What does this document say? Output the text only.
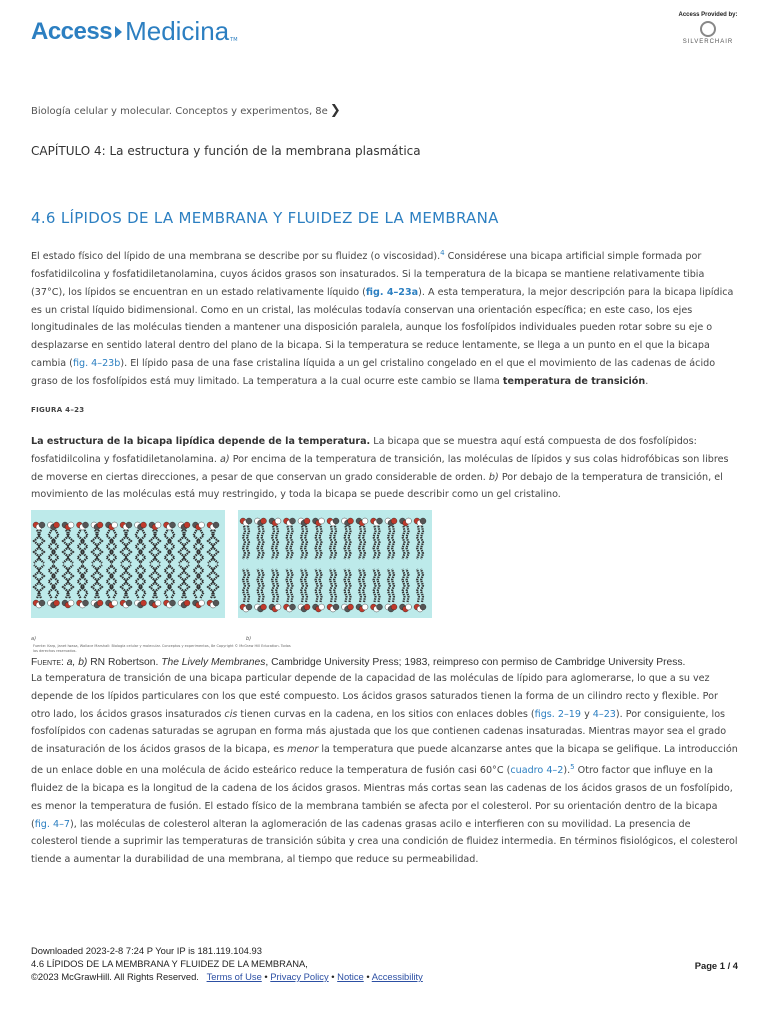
Access Medicina TM
Access Provided by:
SILVERCHAIR
Biología celular y molecular. Conceptos y experimentos, 8e ❯
CAPÍTULO 4: La estructura y función de la membrana plasmática
4.6 LÍPIDOS DE LA MEMBRANA Y FLUIDEZ DE LA MEMBRANA

El estado físico del lípido de una membrana se describe por su fluidez (o viscosidad).$^4$ Considérese una bicapa artificial simple formada por fosfatidilcolina y fosfatidiletanolamina, cuyos ácidos grasos son insaturados. Si la temperatura de la bicapa se mantiene relativamente tibia (37°C), los lípidos se encuentran en un estado relativamente líquido (fig. 4–23a). A esta temperatura, la mejor descripción para la bicapa lipídica es un cristal líquido bidimensional. Como en un cristal, las moléculas todavía conservan una orientación específica; en este caso, los ejes longitudinales de las moléculas tienden a mantener una disposición paralela, aunque los fosfolípidos individuales pueden rotar sobre su eje o desplazarse en sentido lateral dentro del plano de la bicapa. Si la temperatura se reduce lentamente, se llega a un punto en el que la bicapa cambia (fig. 4–23b). El lípido pasa de una fase cristalina líquida a un gel cristalino congelado en el que el movimiento de las cadenas de ácido graso de los fosfolípidos está muy limitado. La temperatura a la cual ocurre este cambio se llama temperatura de transición.

FIGURA 4–23

La estructura de la bicapa lipídica depende de la temperatura. La bicapa que se muestra aquí está compuesta de dos fosfolípidos: fosfatidilcolina y fosfatidiletanolamina. a) Por encima de la temperatura de transición, las moléculas de lípidos y sus colas hidrofóbicas son libres de moverse en ciertas direcciones, a pesar de que conservan un grado considerable de orden. b) Por debajo de la temperatura de transición, el movimiento de las moléculas está muy restringido, y toda la bicapa se puede describir como un gel cristalino.

a)	b)
Fuente: Karp, Janet Iwasa, Wallace Marshall: Biología celular y molecular. Conceptos y experimentos, 8e Copyright © McGraw Hill Education. Todos los derechos reservados.
Fuente: a, b) RN Robertson. The Lively Membranes, Cambridge University Press; 1983, reimpreso con permiso de Cambridge University Press.

La temperatura de transición de una bicapa particular depende de la capacidad de las moléculas de lípido para aglomerarse, lo que a su vez depende de los lípidos particulares con los que esté compuesto. Los ácidos grasos saturados tienen la forma de un cilindro recto y flexible. Por otro lado, los ácidos grasos insaturados cis tienen curvas en la cadena, en los sitios con enlaces dobles (figs. 2–19 y 4–23). Por consiguiente, los fosfolípidos con cadenas saturadas se agrupan en forma más ajustada que los que contienen cadenas insaturadas. Mientras mayor sea el grado de insaturación de los ácidos grasos de la bicapa, es menor la temperatura que puede alcanzarse antes que la bicapa se gelifique. La introducción de un enlace doble en una molécula de ácido esteárico reduce la temperatura de fusión casi 60°C (cuadro 4–2).$^5$ Otro factor que influye en la fluidez de la bicapa es la longitud de la cadena de los ácidos grasos. Mientras más cortas sean las cadenas de los ácidos grasos de un fosfolípido, es menor la temperatura de fusión. El estado físico de la membrana también se afecta por el colesterol. Por su orientación dentro de la bicapa (fig. 4–7), las moléculas de colesterol alteran la aglomeración de las cadenas grasas acilo e interfieren con su movilidad. La presencia de colesterol tiende a suprimir las temperaturas de transición súbita y crea una condición de fluidez intermedia. En términos fisiológicos, el colesterol tiende a aumentar la durabilidad de una membrana, al tiempo que reduce su permeabilidad.

Downloaded 2023-2-8 7:24 P Your IP is 181.119.104.93
4.6 LÍPIDOS DE LA MEMBRANA Y FLUIDEZ DE LA MEMBRANA,
©2023 McGrawHill. All Rights Reserved. Terms of Use • Privacy Policy • Notice • Accessibility
Page 1 / 4
